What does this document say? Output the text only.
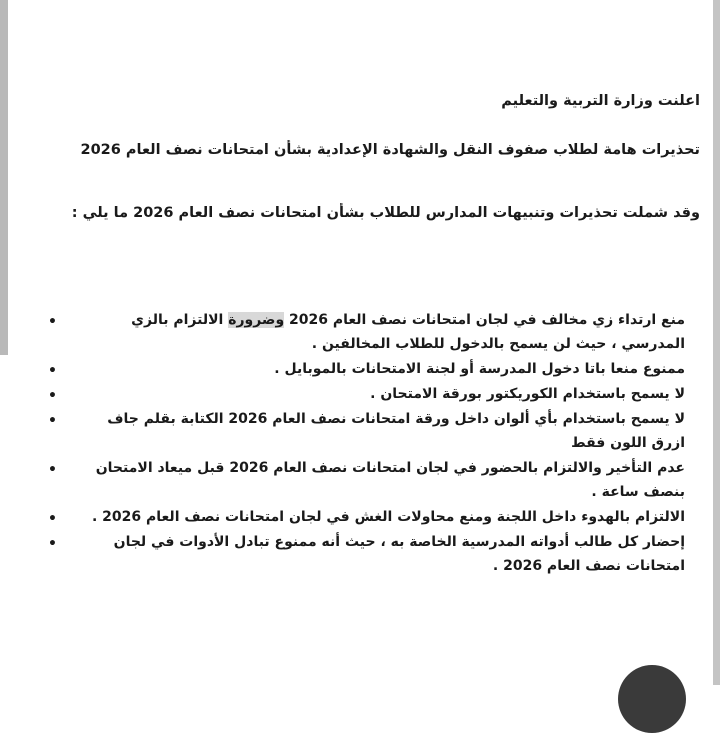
اعلنت وزارة التربية والتعليم
تحذيرات هامة لطلاب صفوف النقل والشهادة الإعدادية بشأن امتحانات نصف العام 2026
وقد شملت تحذيرات وتنبيهات المدارس للطلاب بشأن امتحانات نصف العام 2026 ما يلي :
•	منع ارتداء زي مخالف في لجان امتحانات نصف العام 2026 وضرورة الالتزام بالزي المدرسي ، حيث لن يسمح بالدخول للطلاب المخالفين .
•	ممنوع منعا باتا دخول المدرسة أو لجنة الامتحانات بالموبايل .
•	لا يسمح باستخدام الكوريكتور بورقة الامتحان .
•	لا يسمح باستخدام بأي ألوان داخل ورقة امتحانات نصف العام 2026 الكتابة بقلم جاف ازرق اللون فقط
•	عدم التأخير والالتزام بالحضور في لجان امتحانات نصف العام 2026 قبل ميعاد الامتحان بنصف ساعة .
•	الالتزام بالهدوء داخل اللجنة ومنع محاولات الغش في لجان امتحانات نصف العام 2026 .
•	إحضار كل طالب أدواته المدرسية الخاصة به ، حيث أنه ممنوع تبادل الأدوات في لجان امتحانات نصف العام 2026 .
